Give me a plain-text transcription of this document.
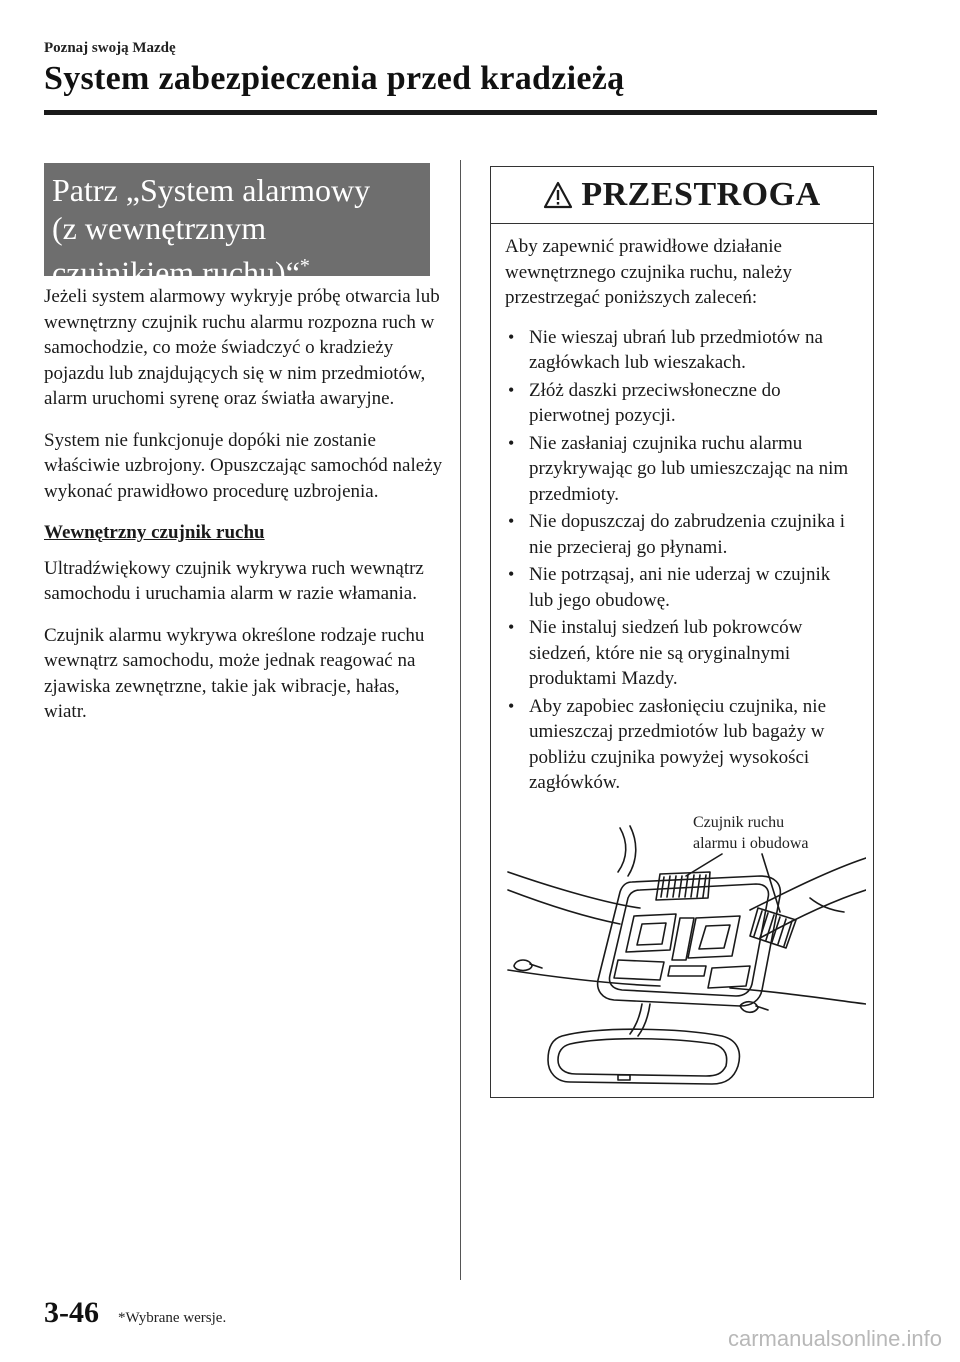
Poznaj swoją Mazdę
System zabezpieczenia przed kradzieżą
Patrz „System alarmowy
(z wewnętrznym
czujnikiem ruchu)“*

Jeżeli system alarmowy wykryje próbę otwarcia lub wewnętrzny czujnik ruchu alarmu rozpozna ruch w samochodzie, co może świadczyć o kradzieży pojazdu lub znajdujących się w nim przedmiotów, alarm uruchomi syrenę oraz światła awaryjne.

System nie funkcjonuje dopóki nie zostanie właściwie uzbrojony. Opuszczając samochód należy wykonać prawidłowo procedurę uzbrojenia.

Wewnętrzny czujnik ruchu

Ultradźwiękowy czujnik wykrywa ruch wewnątrz samochodu i uruchamia alarm w razie włamania.

Czujnik alarmu wykrywa określone rodzaje ruchu wewnątrz samochodu, może jednak reagować na zjawiska zewnętrzne, takie jak wibracje, hałas, wiatr.

PRZESTROGA

Aby zapewnić prawidłowe działanie wewnętrznego czujnika ruchu, należy przestrzegać poniższych zaleceń:

• Nie wieszaj ubrań lub przedmiotów na zagłówkach lub wieszakach.
• Złóż daszki przeciwsłoneczne do pierwotnej pozycji.
• Nie zasłaniaj czujnika ruchu alarmu przykrywając go lub umieszczając na nim przedmioty.
• Nie dopuszczaj do zabrudzenia czujnika i nie przecieraj go płynami.
• Nie potrząsaj, ani nie uderzaj w czujnik lub jego obudowę.
• Nie instaluj siedzeń lub pokrowców siedzeń, które nie są oryginalnymi produktami Mazdy.
• Aby zapobiec zasłonięciu czujnika, nie umieszczaj przedmiotów lub bagaży w pobliżu czujnika powyżej wysokości zagłówków.
Czujnik ruchu
alarmu i obudowa
3-46 *Wybrane wersje.
carmanualsonline.info
